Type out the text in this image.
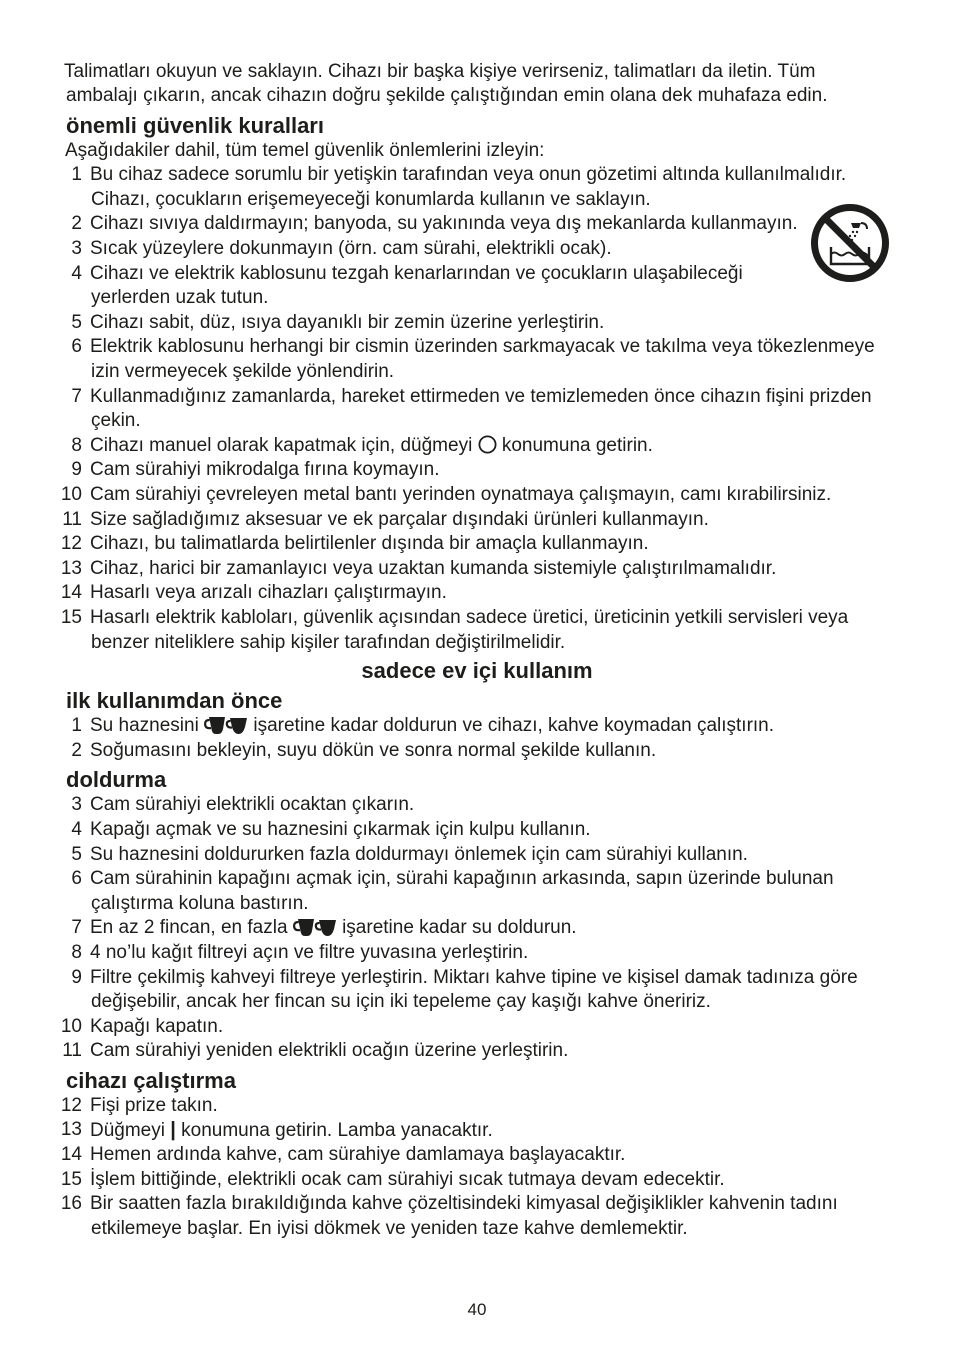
Talimatları okuyun ve saklayın. Cihazı bir başka kişiye verirseniz, talimatları da iletin. Tüm
ambalajı çıkarın, ancak cihazın doğru şekilde çalıştığından emin olana dek muhafaza edin.
önemli güvenlik kuralları
Aşağıdakiler dahil, tüm temel güvenlik önlemlerini izleyin:
1 Bu cihaz sadece sorumlu bir yetişkin tarafından veya onun gözetimi altında kullanılmalıdır.
Cihazı, çocukların erişemeyeceği konumlarda kullanın ve saklayın.
2 Cihazı sıvıya daldırmayın; banyoda, su yakınında veya dış mekanlarda kullanmayın.
3 Sıcak yüzeylere dokunmayın (örn. cam sürahi, elektrikli ocak).
4 Cihazı ve elektrik kablosunu tezgah kenarlarından ve çocukların ulaşabileceği
yerlerden uzak tutun.
5 Cihazı sabit, düz, ısıya dayanıklı bir zemin üzerine yerleştirin.
6 Elektrik kablosunu herhangi bir cismin üzerinden sarkmayacak ve takılma veya tökezlenmeye
izin vermeyecek şekilde yönlendirin.
7 Kullanmadığınız zamanlarda, hareket ettirmeden ve temizlemeden önce cihazın fişini prizden
çekin.
8 Cihazı manuel olarak kapatmak için, düğmeyi konumuna getirin.
9 Cam sürahiyi mikrodalga fırına koymayın.
10 Cam sürahiyi çevreleyen metal bantı yerinden oynatmaya çalışmayın, camı kırabilirsiniz.
11 Size sağladığımız aksesuar ve ek parçalar dışındaki ürünleri kullanmayın.
12 Cihazı, bu talimatlarda belirtilenler dışında bir amaçla kullanmayın.
13 Cihaz, harici bir zamanlayıcı veya uzaktan kumanda sistemiyle çalıştırılmamalıdır.
14 Hasarlı veya arızalı cihazları çalıştırmayın.
15 Hasarlı elektrik kabloları, güvenlik açısından sadece üretici, üreticinin yetkili servisleri veya
benzer niteliklere sahip kişiler tarafından değiştirilmelidir.
sadece ev içi kullanım
ilk kullanımdan önce
1 Su haznesini	işaretine kadar doldurun ve cihazı, kahve koymadan çalıştırın.
2 Soğumasını bekleyin, suyu dökün ve sonra normal şekilde kullanın.
doldurma
3 Cam sürahiyi elektrikli ocaktan çıkarın.
4 Kapağı açmak ve su haznesini çıkarmak için kulpu kullanın.
5 Su haznesini doldururken fazla doldurmayı önlemek için cam sürahiyi kullanın.
6 Cam sürahinin kapağını açmak için, sürahi kapağının arkasında, sapın üzerinde bulunan
çalıştırma koluna bastırın.
7 En az 2 fincan, en fazla	işaretine kadar su doldurun.
8 4 no’lu kağıt filtreyi açın ve filtre yuvasına yerleştirin.
9 Filtre çekilmiş kahveyi filtreye yerleştirin. Miktarı kahve tipine ve kişisel damak tadınıza göre
değişebilir, ancak her fincan su için iki tepeleme çay kaşığı kahve öneririz.
10 Kapağı kapatın.
11 Cam sürahiyi yeniden elektrikli ocağın üzerine yerleştirin.
cihazı çalıştırma
12 Fişi prize takın.
13 Düğmeyi | konumuna getirin. Lamba yanacaktır.
14 Hemen ardında kahve, cam sürahiye damlamaya başlayacaktır.
15 İşlem bittiğinde, elektrikli ocak cam sürahiyi sıcak tutmaya devam edecektir.
16 Bir saatten fazla bırakıldığında kahve çözeltisindeki kimyasal değişiklikler kahvenin tadını
etkilemeye başlar. En iyisi dökmek ve yeniden taze kahve demlemektir.
40
